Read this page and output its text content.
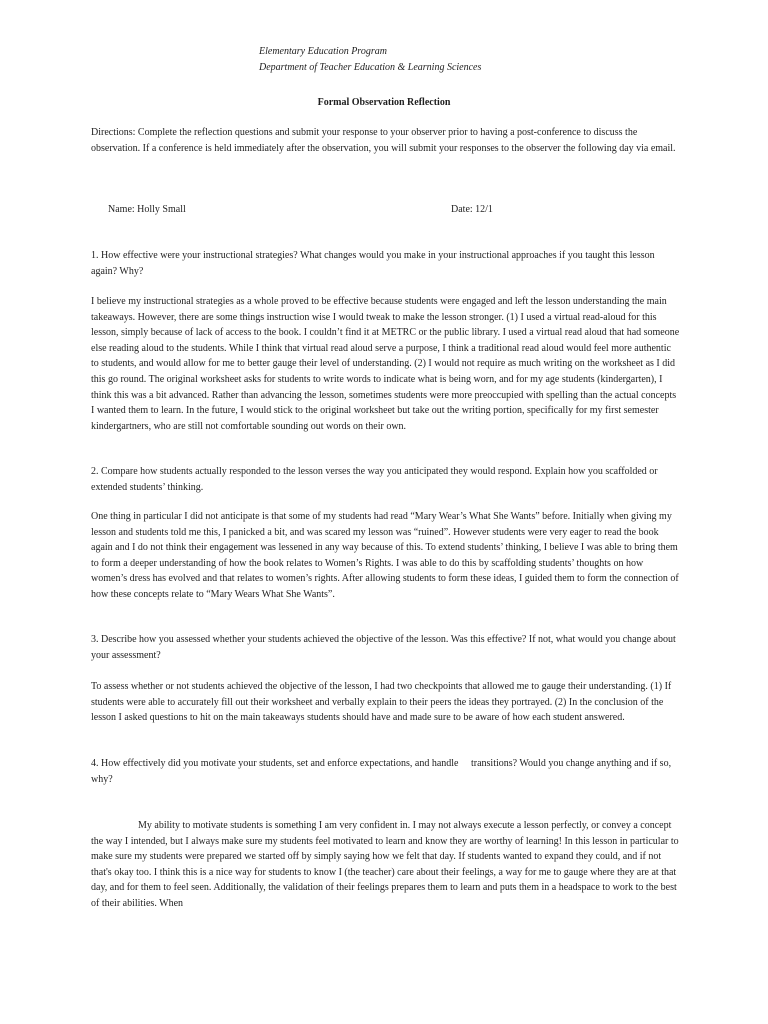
Elementary Education Program
Department of Teacher Education & Learning Sciences
Formal Observation Reflection

Directions: Complete the reflection questions and submit your response to your observer prior to having a post-conference to discuss the observation. If a conference is held immediately after the observation, you will submit your responses to the observer the following day via email.

Name: Holly Small	Date: 12/1

1. How effective were your instructional strategies? What changes would you make in your instructional approaches if you taught this lesson again? Why?

I believe my instructional strategies as a whole proved to be effective because students were engaged and left the lesson understanding the main takeaways. However, there are some things instruction wise I would tweak to make the lesson stronger. (1) I used a virtual read-aloud for this lesson, simply because of lack of access to the book. I couldn’t find it at METRC or the public library. I used a virtual read aloud that had someone else reading aloud to the students. While I think that virtual read aloud serve a purpose, I think a traditional read aloud would feel more authentic to students, and would allow for me to better gauge their level of understanding. (2) I would not require as much writing on the worksheet as I did this go round. The original worksheet asks for students to write words to indicate what is being worn, and for my age students (kindergarten), I think this was a bit advanced. Rather than advancing the lesson, sometimes students were more preoccupied with spelling than the actual concepts I wanted them to learn. In the future, I would stick to the original worksheet but take out the writing portion, specifically for my first semester kindergartners, who are still not comfortable sounding out words on their own.

2. Compare how students actually responded to the lesson verses the way you anticipated they would respond. Explain how you scaffolded or extended students’ thinking.

One thing in particular I did not anticipate is that some of my students had read “Mary Wear’s What She Wants” before. Initially when giving my lesson and students told me this, I panicked a bit, and was scared my lesson was “ruined”. However students were very eager to read the book again and I do not think their engagement was lessened in any way because of this. To extend students’ thinking, I believe I was able to bring them to form a deeper understanding of how the book relates to Women’s Rights. I was able to do this by scaffolding students’ thoughts on how women’s dress has evolved and that relates to women’s rights. After allowing students to form these ideas, I guided them to form the connection of how these concepts relate to “Mary Wears What She Wants”.

3. Describe how you assessed whether your students achieved the objective of the lesson. Was this effective? If not, what would you change about your assessment?

To assess whether or not students achieved the objective of the lesson, I had two checkpoints that allowed me to gauge their understanding. (1) If students were able to accurately fill out their worksheet and verbally explain to their peers the ideas they portrayed. (2) In the conclusion of the lesson I asked questions to hit on the main takeaways students should have and made sure to be aware of how each student answered.

4. How effectively did you motivate your students, set and enforce expectations, and handle     transitions? Would you change anything and if so, why?

My ability to motivate students is something I am very confident in. I may not always execute a lesson perfectly, or convey a concept the way I intended, but I always make sure my students feel motivated to learn and know they are worthy of learning! In this lesson in particular to make sure my students were prepared we started off by simply saying how we felt that day. If students wanted to expand they could, and if not that's okay too. I think this is a nice way for students to know I (the teacher) care about their feelings, a way for me to gauge where they are at that day, and for them to feel seen. Additionally, the validation of their feelings prepares them to learn and puts them in a headspace to work to the best of their abilities. When
